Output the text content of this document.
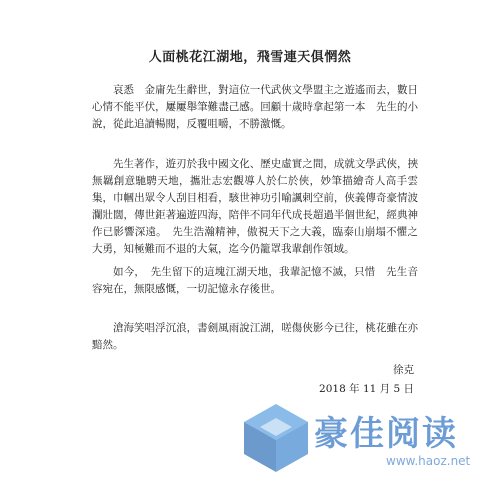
人面桃花江湖地，飛雪連天俱惘然

哀悉　金庸先生辭世，對這位一代武俠文學盟主之遊遙而去，數日心情不能平伏，屢屢舉筆難盡己感。回顧十歲時拿起第一本　先生的小說，從此追讀暢閱，反覆咀嚼，不勝激慨。

先生著作，遊刃於我中國文化、歷史虛實之間，成就文學武俠，挾無羈創意馳騁天地，攜壯志宏觀導人於仁於俠，妙筆描繪奇人高手雲集，巾幗出眾令人刮目相看，駭世神功引喻諷剌空前，俠義傳奇豪情波瀾壯闊，傳世鉅著遍遊四海，陪伴不同年代成長超過半個世紀，經典神作已影響深遠。　先生浩瀚精神，傲視天下之大義，臨泰山崩塌不懼之大勇，知極難而不退的大氣，迄今仍籠罩我輩創作領域。

如今，　先生留下的這塊江湖天地，我輩記憶不滅，只惜　先生音容宛在，無限感慨，一切記憶永存後世。

滄海笑唱浮沉浪，書劍風雨說江湖，嗟傷俠影今已往，桃花雖在亦黯然。

徐克
2018 年 11 月 5 日
豪佳阅读
www.haoz.net
